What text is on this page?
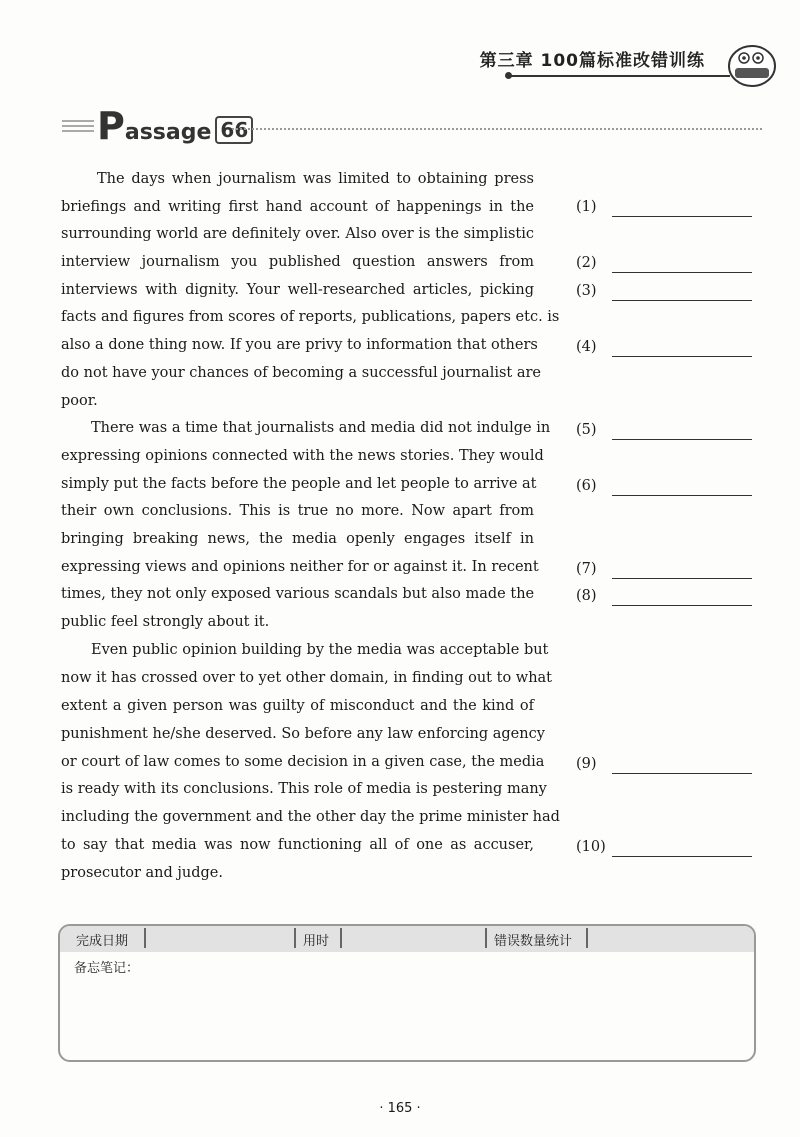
第三章 100篇标准改错训练
Passage 66
The days when journalism was limited to obtaining press
briefings and writing first hand account of happenings in the
surrounding world are definitely over. Also over is the simplistic
interview journalism you published question answers from
interviews with dignity. Your well-researched articles, picking
facts and figures from scores of reports, publications, papers etc. is
also a done thing now. If you are privy to information that others
do not have your chances of becoming a successful journalist are
poor.
There was a time that journalists and media did not indulge in
expressing opinions connected with the news stories. They would
simply put the facts before the people and let people to arrive at
their own conclusions. This is true no more. Now apart from
bringing breaking news, the media openly engages itself in
expressing views and opinions neither for or against it. In recent
times, they not only exposed various scandals but also made the
public feel strongly about it.
Even public opinion building by the media was acceptable but
now it has crossed over to yet other domain, in finding out to what
extent a given person was guilty of misconduct and the kind of
punishment he/she deserved. So before any law enforcing agency
or court of law comes to some decision in a given case, the media
is ready with its conclusions. This role of media is pestering many
including the government and the other day the prime minister had
to say that media was now functioning all of one as accuser,
prosecutor and judge.
(1)
(2)
(3)
(4)
(5)
(6)
(7)
(8)
(9)
(10)
完成日期	用时	错误数量统计
备忘笔记：
· 165 ·
